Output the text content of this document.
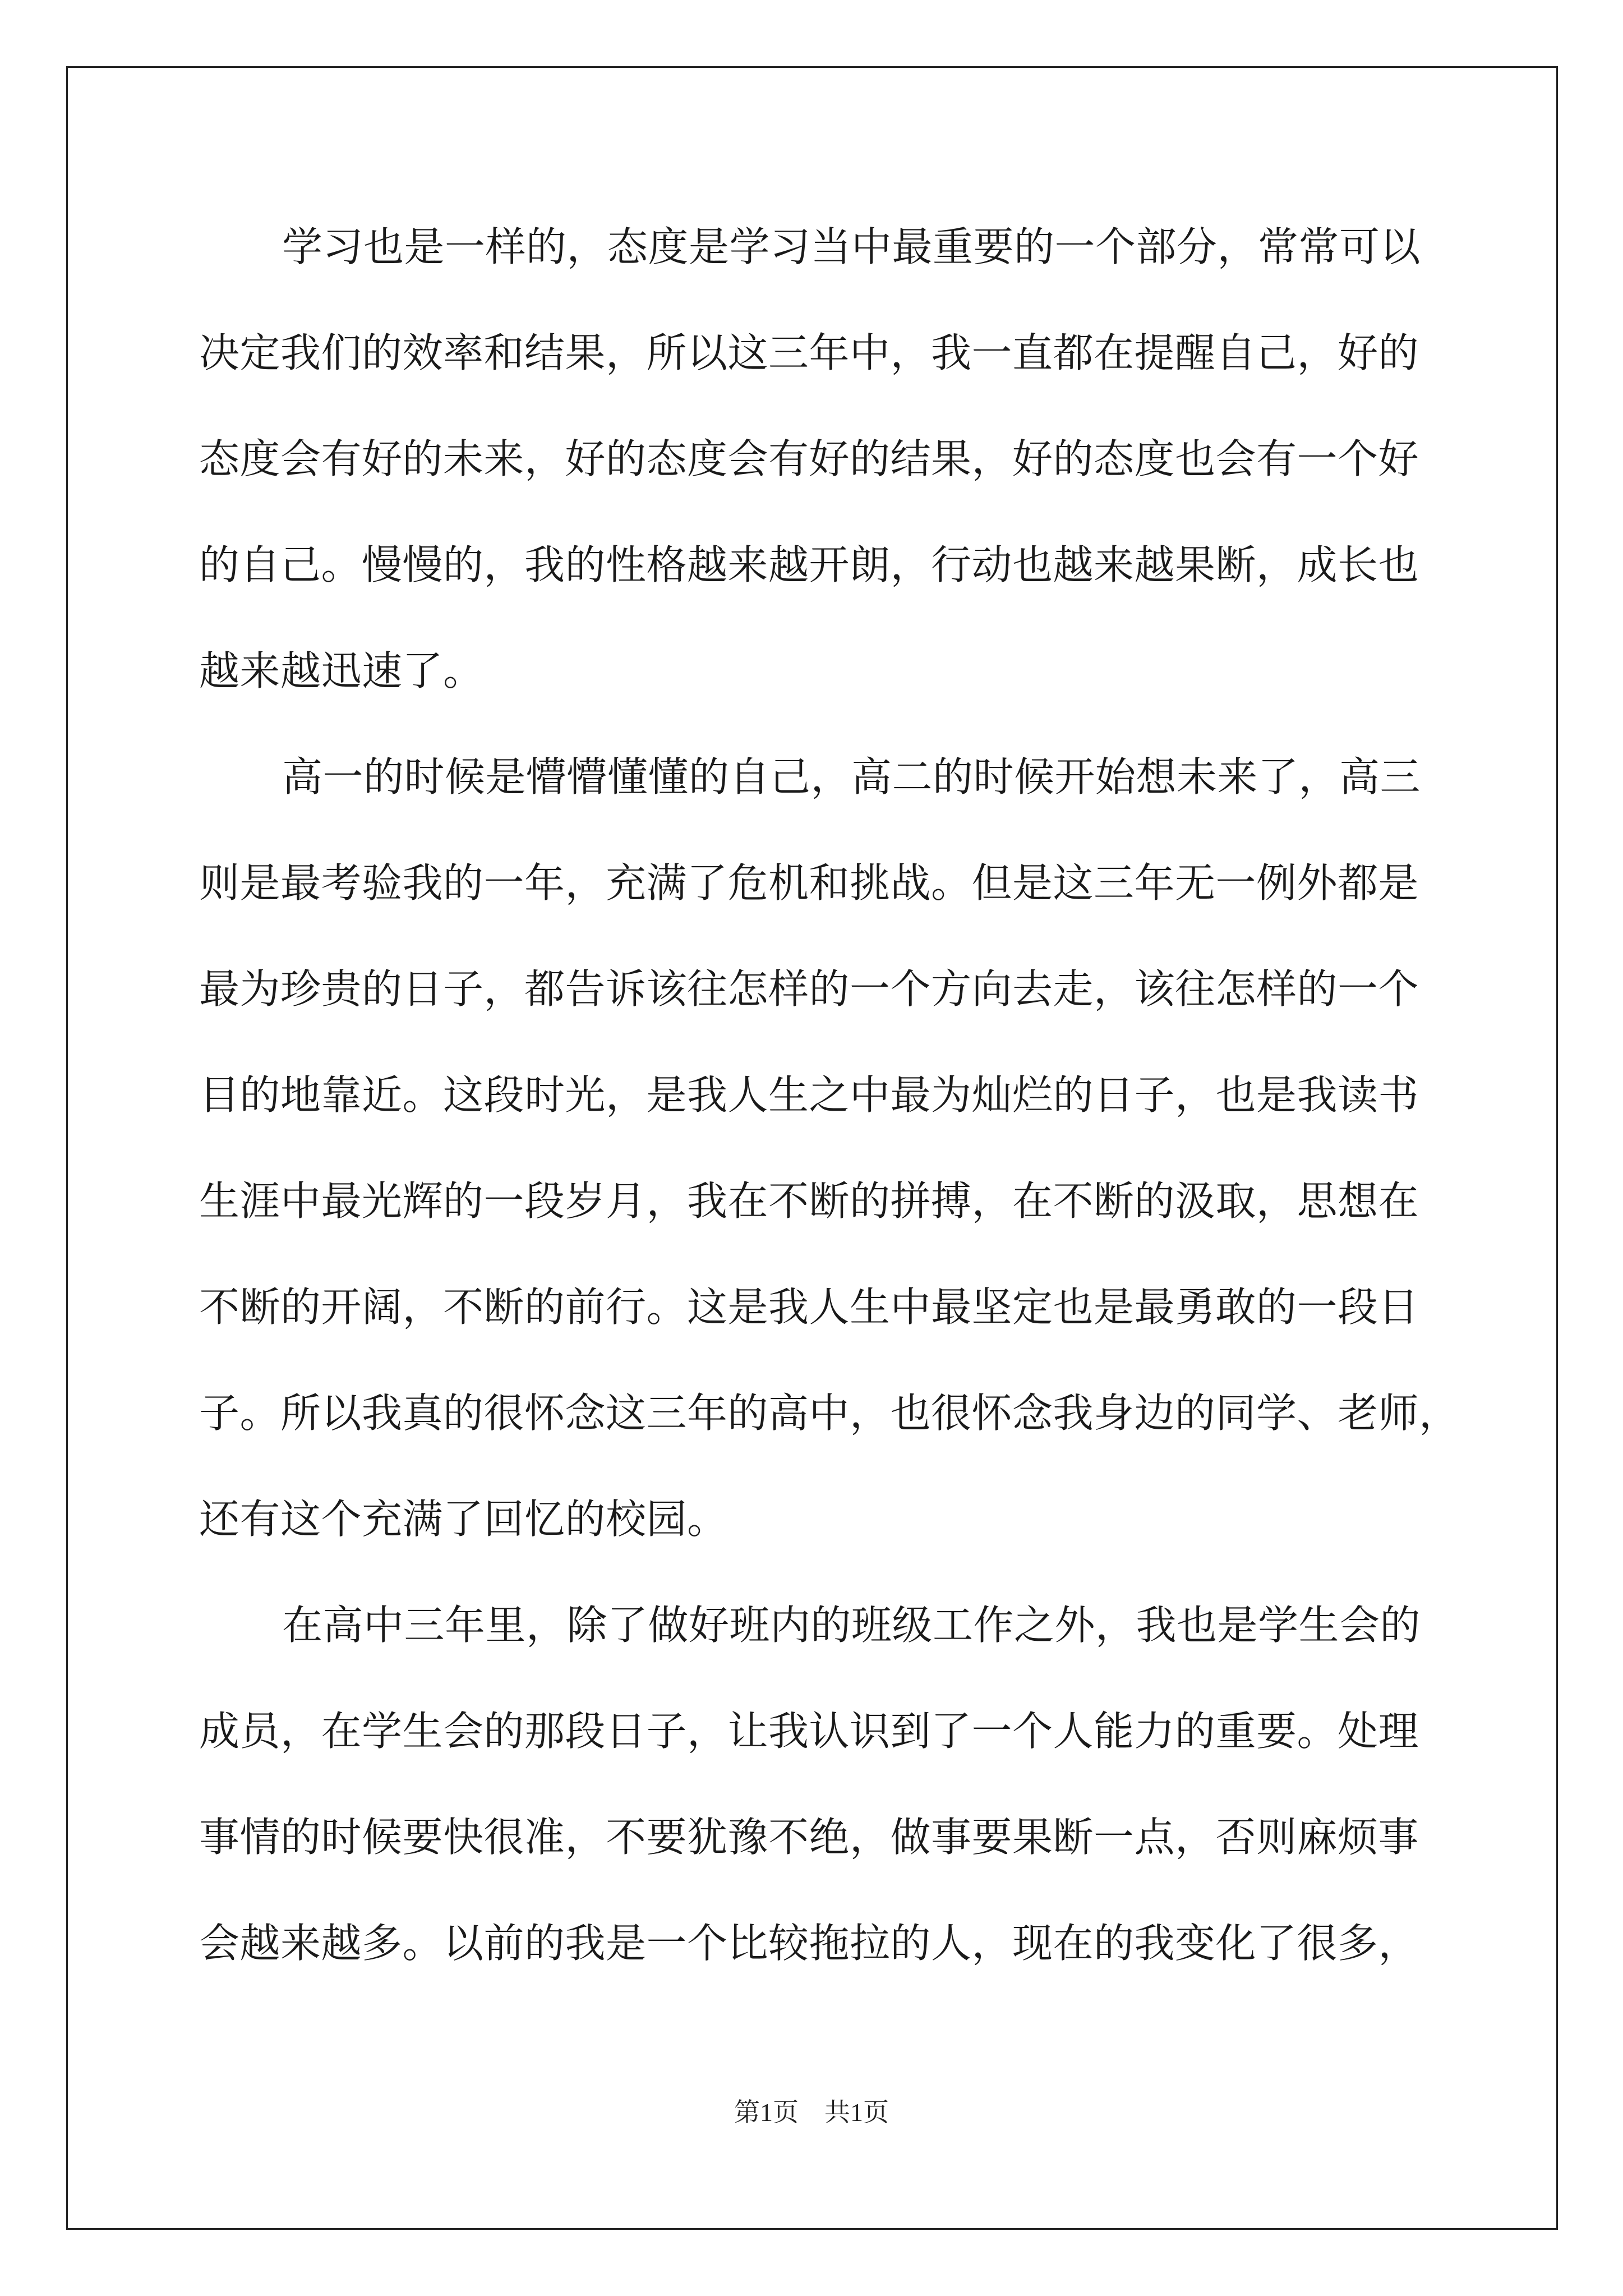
学习也是一样的，态度是学习当中最重要的一个部分，常常可以
决定我们的效率和结果，所以这三年中，我一直都在提醒自己，好的
态度会有好的未来，好的态度会有好的结果，好的态度也会有一个好
的自己。慢慢的，我的性格越来越开朗，行动也越来越果断，成长也
越来越迅速了。
高一的时候是懵懵懂懂的自己，高二的时候开始想未来了，高三
则是最考验我的一年，充满了危机和挑战。但是这三年无一例外都是
最为珍贵的日子，都告诉该往怎样的一个方向去走，该往怎样的一个
目的地靠近。这段时光，是我人生之中最为灿烂的日子，也是我读书
生涯中最光辉的一段岁月，我在不断的拼搏，在不断的汲取，思想在
不断的开阔，不断的前行。这是我人生中最坚定也是最勇敢的一段日
子。所以我真的很怀念这三年的高中，也很怀念我身边的同学、老师，
还有这个充满了回忆的校园。
在高中三年里，除了做好班内的班级工作之外，我也是学生会的
成员，在学生会的那段日子，让我认识到了一个人能力的重要。处理
事情的时候要快很准，不要犹豫不绝，做事要果断一点，否则麻烦事
会越来越多。以前的我是一个比较拖拉的人，现在的我变化了很多，
第1页 共1页
